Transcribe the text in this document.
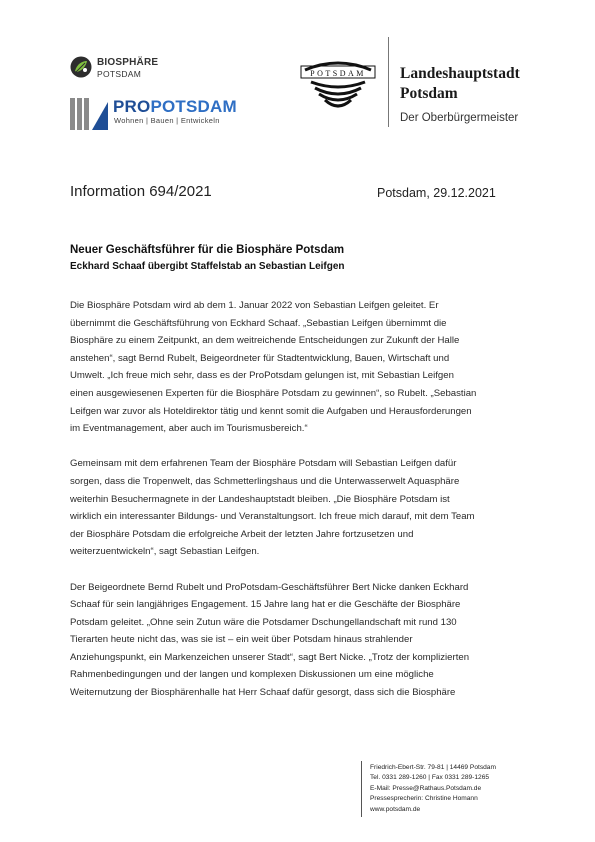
BIOSPHÄRE
POTSDAM
PROPOTSDAM
Wohnen | Bauen | Entwickeln
POTSDAM Landeshauptstadt
Potsdam
Der Oberbürgermeister
Information 694/2021	Potsdam, 29.12.2021
Neuer Geschäftsführer für die Biosphäre Potsdam
Eckhard Schaaf übergibt Staffelstab an Sebastian Leifgen

Die Biosphäre Potsdam wird ab dem 1. Januar 2022 von Sebastian Leifgen geleitet. Er
übernimmt die Geschäftsführung von Eckhard Schaaf. „Sebastian Leifgen übernimmt die
Biosphäre zu einem Zeitpunkt, an dem weitreichende Entscheidungen zur Zukunft der Halle
anstehen“, sagt Bernd Rubelt, Beigeordneter für Stadtentwicklung, Bauen, Wirtschaft und
Umwelt. „Ich freue mich sehr, dass es der ProPotsdam gelungen ist, mit Sebastian Leifgen
einen ausgewiesenen Experten für die Biosphäre Potsdam zu gewinnen“, so Rubelt. „Sebastian
Leifgen war zuvor als Hoteldirektor tätig und kennt somit die Aufgaben und Herausforderungen
im Eventmanagement, aber auch im Tourismusbereich.“

Gemeinsam mit dem erfahrenen Team der Biosphäre Potsdam will Sebastian Leifgen dafür
sorgen, dass die Tropenwelt, das Schmetterlingshaus und die Unterwasserwelt Aquasphäre
weiterhin Besuchermagnete in der Landeshauptstadt bleiben. „Die Biosphäre Potsdam ist
wirklich ein interessanter Bildungs- und Veranstaltungsort. Ich freue mich darauf, mit dem Team
der Biosphäre Potsdam die erfolgreiche Arbeit der letzten Jahre fortzusetzen und
weiterzuentwickeln“, sagt Sebastian Leifgen.

Der Beigeordnete Bernd Rubelt und ProPotsdam-Geschäftsführer Bert Nicke danken Eckhard
Schaaf für sein langjähriges Engagement. 15 Jahre lang hat er die Geschäfte der Biosphäre
Potsdam geleitet. „Ohne sein Zutun wäre die Potsdamer Dschungellandschaft mit rund 130
Tierarten heute nicht das, was sie ist – ein weit über Potsdam hinaus strahlender
Anziehungspunkt, ein Markenzeichen unserer Stadt“, sagt Bert Nicke. „Trotz der komplizierten
Rahmenbedingungen und der langen und komplexen Diskussionen um eine mögliche
Weiternutzung der Biosphärenhalle hat Herr Schaaf dafür gesorgt, dass sich die Biosphäre

Friedrich-Ebert-Str. 79-81 | 14469 Potsdam
Tel. 0331 289-1260 | Fax 0331 289-1265
E-Mail: Presse@Rathaus.Potsdam.de
Pressesprecherin: Christine Homann
www.potsdam.de
